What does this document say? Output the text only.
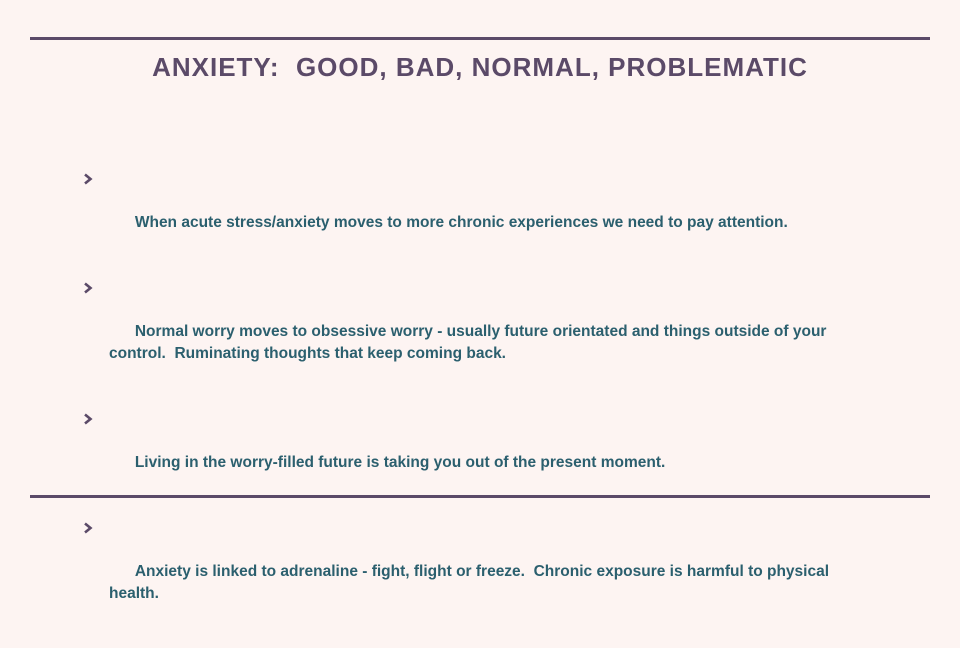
ANXIETY:  GOOD, BAD, NORMAL, PROBLEMATIC

When acute stress/anxiety moves to more chronic experiences we need to pay attention.

Normal worry moves to obsessive worry - usually future orientated and things outside of your control.  Ruminating thoughts that keep coming back.

Living in the worry-filled future is taking you out of the present moment.

Anxiety is linked to adrenaline - fight, flight or freeze.  Chronic exposure is harmful to physical health.
